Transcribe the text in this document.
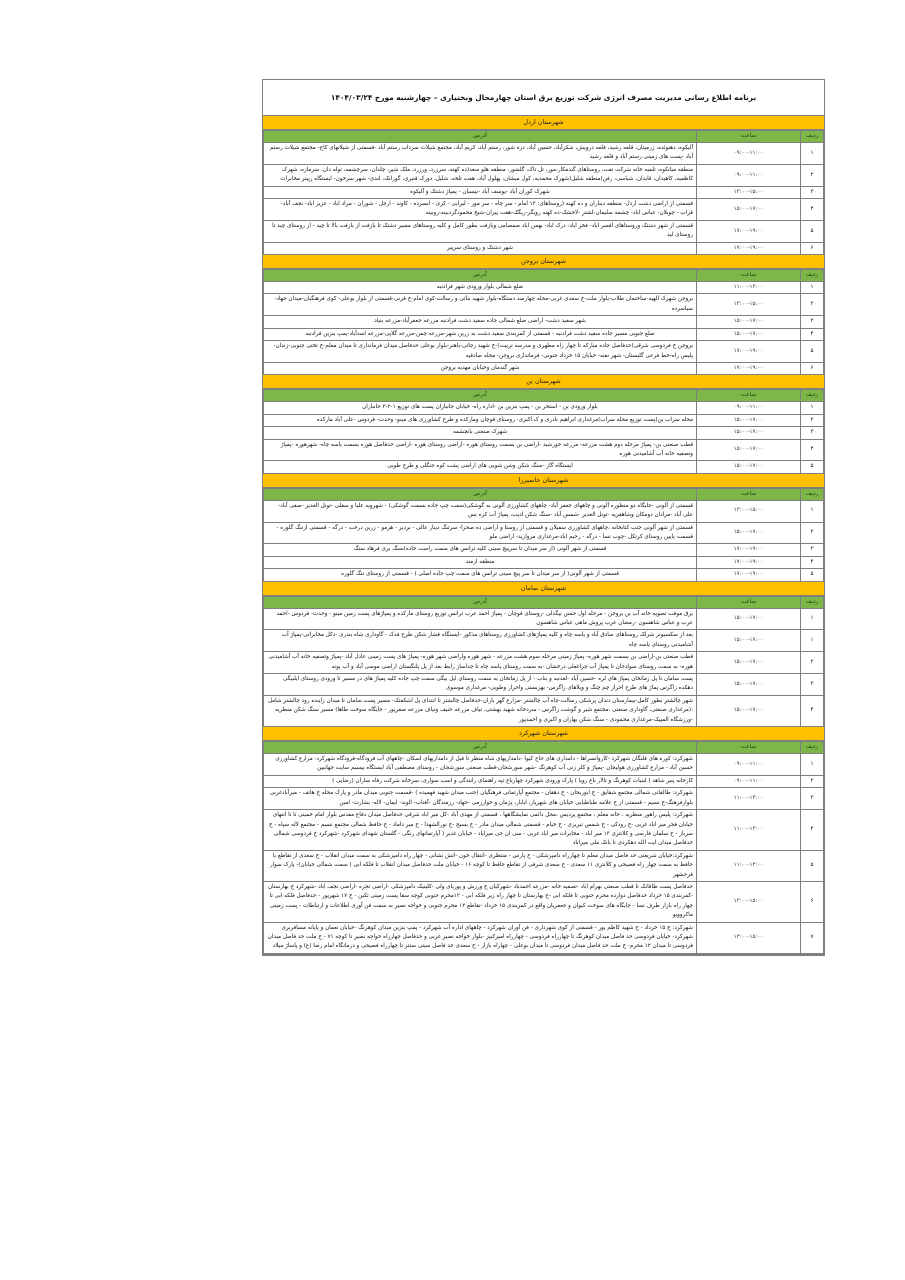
برنامه اطلاع رسانی مدیریت مصرف انرژی شرکت توزیع برق استان چهارمحال وبختیاری – چهارشنبه مورخ ۱۴۰۴/۰۳/۲۴
شهرستان اردل
ردیف	ساعت	آدرس
۱	۰۹:۰۰-۱۱:۰۰	آلیکوه، دهنوئده، زرمیتان، قلعه رشید، قلعه درویش، شکرآباد، حسین آباد، دره شور، رستم آباد، کریم آباد، مجتمع شیلات سرداب رستم آباد -قسمتی از شیلاتهای کاج- مجتمع شیلات رستم آباد -پست های زمینی رستم آباد و قلعه رشید
۲	۰۹:۰۰-۱۱:۰۰	منطقه میانکوه، تلمبه خانه شرکت نفت، روستاهای گندمکار،مور، تل تاک، گلشور، منطقه هلو سعد(ده کهنه، سرزرد، ورزرد، ملک شیر، چلدان، سرچشمه، توله دان، سرمازه، شهرک کاظمیه، کاهیدان، قایدان، شیاسی، رفن)منطقه شلیل(شهرک محمدیه، کول میشان، پهلول آباد، هفت تلخه، شلیل، دورک قنبری، گورانک، لندی- شهر سرخون- ایستگاه رپیتر مخابرات
۳	۱۳:۰۰-۱۵:۰۰	شهرک کوران آباد -یوسف آباد -نیسیان - پمپاژ دشتک و آلیکوه
۴	۱۵:۰۰-۱۷:۰۰	قسمتی از اراضی دشت اردل- منطقه دیناران و ده کهنه (روستاهای: ۱۲ امام - سر چاه - سر مور - لیرابی - کری - ابسرده - کاوند - ارجل - شوران - مراد اباد - عزیز اباد- نجف آباد- قراب - چوبلان- عباس اباد- چشمه سلیمان-لشتر -لاخشک-ده کهنه رویگر-ریگک-هفت پیران-شیخ محمودگردبینه-روبینه
۵	۱۷:۰۰-۱۹:۰۰	قسمتی از شهر دشتک وروستاهای افسر اباد- فخر اباد- درک اباد- بهمن اباد صمصامی وبازفت بطور کامل و کلیه روستاهای مسیر دشتک تا بازفت از بازفت بالا تا چید - از روستای چید تا روستای لید
۶	۱۷:۰۰-۱۹:۰۰	شهر دشتک و روستای سرپیر
شهرستان بروجن
ردیف	ساعت	آدرس
۱	۱۱:۰۰-۱۳:۰۰	ضلع شمالی بلوار ورودی شهر فرادنبه
۲	۱۳:۰۰-۱۵:۰۰	بروجن شهرک الهیه-ساختمان طلاب-بلوار ملت-خ سعدی غربی-محله چهارصد دستگاه-بلوار شهید بنائی و رسالت-کوی امام-خ قرنی-قسمتی از بلوار بوعلی- کوی فرهنگیان-میدان جهاد- سیاسرده
۳	۱۵:۰۰-۱۷:۰۰	شهر سفید دشت- اراضی ضلع شمالی جاده سفید دشت فرادنبه مزرعه جعفرآباد-مزرعه بنیاد
۴	۱۵:۰۰-۱۷:۰۰	ضلع جنوبی مسیر جاده سفید دشت فرادنبه - قسمتی از کمربندی سفید دشت به زرین شهر-مزرعه چمن-مزرعه گلاپی-مزرعه اسدآباد-پمپ بنزین فرادنبه
۵	۱۷:۰۰-۱۹:۰۰	بروجن خ فردوسی شرقی(حدفاصل جاده مبارکه تا چهار راه مطهری و مدرسه تربیت)-خ شهید رجائی-باهنر-بلوار بوعلی حدفاصل میدان فرمانداری تا میدان معلم-خ تختی جنوبی-زندان-پلیس راه-خط فرعی گلبستان- شهر نقنه- خیابان ۱۵ خرداد جنوبی- فرمانداری بروجن- محله صادقیه
۶	۱۷:۰۰-۱۹:۰۰	شهر گندمان وخیابان مهدیه بروجن
شهرستان بن
ردیف	ساعت	آدرس
۱	۰۹:۰۰-۱۱:۰۰	بلوار ورودی بن - استخر بن - پمپ بنزین بن -اداره راه- خیابان جانبازان پست های توزیع ۱-۲-۳ جانبازان
۲	۱۵:۰۰-۱۷:۰۰	محله سراب بن(پست توزیع محله سراب)مرغداری ابراهیم نادری و ک.اکبری- روستای قوچان ومارکده و طرح کشاورزی های مینو- وحدت- فردوس -علی آباد مارکده
۳	۱۵:۰۰-۱۷:۰۰	شهرک صنعتی بانچشمه
۴	۱۵:۰۰-۱۷:۰۰	قطب صنعتی بن- پمپاژ مرحله دوم هشت مزرعه- مزرعه خورشید -اراضی بن بسمت روستای هوره -اراضی روستای هوره -اراضی حدفاصل هوره بسمت یاسه چاه- شهرهوره -پمپاژ وتصفیه خانه آب آشامیدنی هوره
۵	۱۵:۰۰-۱۷:۰۰	ایستگاه گاز -سنگ شکن وشن شویی های اراضی پشت کوه جنگلی و طرح طوبی
شهرستان خانمیرزا
ردیف	ساعت	آدرس
۱	۱۳:۰۰-۱۵:۰۰	قسمتی از آلونی -جایگاه دو منظوره آلونی و چاههای جعفر آباد- چاههای کشاورزی آلونی به گوشکی(سمت چپ جاده بسمت گوشکی) - شهرویه علیا و سفلی -تونل الغدیر -صفی آباد- علی آباد -مرادان دومکان وشاهقریه -تونل الغدیر -شمس آباد -سنگ شکن ادیب، پمپاژ آب کره بس
۲	۱۵:۰۰-۱۷:۰۰	قسمتی از شهر آلونی جنب کتابخانه ،چاههای کشاورزی سفیلان و قسمتی از روستا و اراضی ده صحرا- سرتنگ دینار عالی - بردیر - هرمو - زرین درخت - درگه - قسمتی ازتنگ گلوره - قسمت پایین روستای کرتکل -چوب نسا - درگه - رحیم اباد-مرغداری مروارید- اراضی ملو
۳	۱۷:۰۰-۱۹:۰۰	قسمتی از شهر آلونی (از سر میدان تا سرپیچ سینی کلیه ترانس های سمت راست جاده)سنگ بری فرهاد سنگ
۴	۱۷:۰۰-۱۹:۰۰	منطقه ارمند
۵	۱۷:۰۰-۱۹:۰۰	قسمتی از شهر آلونی( از سر میدان تا سر پیچ سینی ترانس های سمت چپ جاده اصلی ) - قسمتی از روستای تنگ گلوره
شهرستان سامان
ردیف	ساعت	آدرس
۱	۱۵:۰۰-۱۷:۰۰	برق موقت تصویه خانه آب بن بروجن - مرحله اول حسن بیگدلی -روستای قوچان - پمپاژ احمد عرب ترانس توزیع روستای مارکده و پمپاژهای پست زمین مینو - وحدت- فردوس -احمد عرب و عباس شاهسون -رمضان عرب پروش ماهی عباس شاهسون
۱	۱۵:۰۰-۱۷:۰۰	بعد از سکسیونر شرلک روستاهای صادق آباد و یاسه چاه و کلیه پمپاژهای کشاورزی روستاهای مذکور -ایستگاه فشار شکن طرح فدک - گاوداری شاه بندری -دکل مخابراتی-پمپاژ آب آشامیدنی روستای یاسه چاه
۲	۱۵:۰۰-۱۷:۰۰	قطب صنعتی بن-اراضی بن بسمت شهر هوره- پمپاژ زمینی مرحله سوم هشت مزرعه - شهر هوره واراضی شهر هوره- پمپاژ های پست زمینی عادل آباد -پمپاژ وتصفیه خانه آب آشامیدنی هوره- به سمت روستای سوادجان تا پمپاژ آب چراغعلی درخشان -به سمت روستای یاسه چاه تا جداساز رابط بعد از پل پلنگستان اراضی موسی آباد و آب پونه
۳	۱۵:۰۰-۱۷:۰۰	پست سامان تا پل زمانخان پمپاژ های لره -حسین آباد -لغدنبه و بناب - از پل زمانخان به سمت روستای ایل بیگی سمت چپ جاده کلیه پمپاژ های در مسیر تا ورودی روستای ایلبیگی دهکده زاگرس پماژ های طرح احراز چم چنگ و ویلاهای زاگرس- بهزیستی واحرار وطوبی- مرغداری موسوی
۴	۱۵:۰۰-۱۷:۰۰	شهر چالشتر بطور کامل-بیمارستان دندان پزشکی رسالت-چاه آب چالشتر -مزارع گهر باران-حدفاصل چالشتر تا ابتدای پل اشکفتک- مسیر پست سامان تا میدان زاینده رود چالشتر شامل :(مرغداری صنعتی، گاوداری صنعتی ،مجتمع شیر و گوشت زاگرس - سردخانه شهید بهشتی، تیاف مزرعه حنیف وتیاف مزرعه صفرپور - جایگاه سوخت طاها) مسیر سنگ شکن منظریه -ورزشگاه المپیک-مرغداری محمودی - سنگ شکن بهاران و اکبری و احمدپور
شهرستان شهرکرد
ردیف	ساعت	آدرس
۱	۰۹:۰۰-۱۱:۰۰	شهرکرد: کوره های قلنگان شهرکرد -کاروانسراها - دامداری های حاج کیوا -دامداریهای شاه منظر تا قبل از دامداریهای اسکان -چاههای آب فرودگاه-فرودگاه شهرکرد- مزارع کشاورزی حسین آباد - مزارع کشاورزی هولیجان -پمپاژ و کلر زنی آب کوهرنگ -شهر سورشجان-قطب صنعتی سورشجان - روستای مصطفی آباد ایستگاه بیسیم سایت جهانبین
۲	۰۹:۰۰-۱۱:۰۰	کارخانه پنیر شاهد ( لبنیات کوهرنگ و تالار باغ رویا ) پارک ورودی شهرکرد چهارباغ تپه راهنمای رانندگی و اسب سواری، سرخانه شرکت رفاه ساران (رضایی )
۳	۱۱:۰۰-۱۳:۰۰	شهرکرد: طالقانی شمالی مجتمع شقایق - خ ابوریحان - خ دهقان - مجتمع آپارتمانی فرهنگیان (جنب میدان شهید فهمیده ) -قسمت جنوبی میدان مادر و پارک محله خ هاتف - میرآبادغربی بلوارفرهنگ-خ نسیم - قسمتی از خ علامه طباطبایی خیابان های شهریار، ابابار، پژمان و خوارزمی -جهاد- رزمندگان -آفتاب- الوند- ایمان- لاله- بشارت- امین
۴	۱۱:۰۰-۱۳:۰۰	شهرکرد: پلیس راهور منظریه ، خانه معلم ، مجتمع پردیس ،محل دائمی نمایشگاهها ، قسمتی از مهدی آباد -کل میر اباد شرقی حدفاصل میدان دفاع مقدس بلوار امام خمینی تا تا انتهای خیابان فجر میر اباد غربی -خ رودکی - خ شمس تبریزی - خ خیام - قسمتی شمالی میدان مادر - خ بسیج -خ نورالشهدا - خ میر داماد - خ حافظ شمالی مجتمع نسیم - مجتمع لاله سپاه - خ سرباز - خ سلمان فارسی و کلانتری ۱۳ میر اباد - مخابرات میر اباد غربی - سی ان جی میراباد - خیابان غدیر ( آپارتمانهای رنگی - گلستان شهدای شهرکرد -شهرکرد خ فردوسی شمالی حدفاصل میدان ایت الله دهکردی تا بانک ملی میراباد
۵	۱۱:۰۰-۱۳:۰۰	شهرکرد:خیابان شریعتی حد فاصل میدان معلم تا چهارراه دامپزشکی - خ پارس - منتظری -انتقال خون -اتش نشانی - چهار راه دامپزشکی به سمت میدان انقلاب - خ سعدی از تقاطع با حافظ به سمت چهار راه فصیحی و کلانتری ۱۱ سعدی - خ سعدی شرقی از تقاطع حافظ تا کوچه ۱۶ - خیابان ملت حدفاصل میدان انقلاب تا فلکه ابی ( سمت شمالی خیابان)- پارک سوار فرحشهر
۶	۱۳:۰۰-۱۵:۰۰	حدفاصل پست طاقانک تا قطب صنعتی بهرام اباد -تصفیه خانه -مزرعه احمدباد -شهرکیان خ ورزش و پوریای ولی -کلینیک دامپزشکی -اراضی تجره -اراضی نجف اباد -شهرکرد خ بهارستان -کمربندی ۱۵ خرداد حدفاصل دوازده محرم جنوبی تا فلکه ابی -خ بهارستان تا چهار راه زیر فلکه ابی - ۱۲محرم جنوبی کوچه سقا پست زمینی تکین - خ ۱۷ شهریور - حدفاصل فلکه ابی تا چهار راه بازار طرف نسا - جایگاه های سوخت کیوان و جعفریان واقع در کمربندی ۱۵ خرداد -تقاطع ۱۲ محرم جنوبی و خواجه نصیر به سمت فن آوری اطلاعات و ارتباطات - پست زمینی ماکروویو
۷	۱۳:۰۰-۱۵:۰۰	شهرکرد: خ ۱۵ خرداد - خ شهید کاظم پور - قسمتی از کوی شهرداری - فن آوران شهرکرد - چاههای اداره آب شهرکرد - پمپ بنزین میدان کوهرنگ -خیابان نعمان و پایانه مسافربری شهرکرد- خیابان فردوسی حد فاصل میدان کوهرنگ تا چهارراه فردوسی - چهارراه امیرکبیر -بلوار خواجه نصیر غربی و حدفاصل چهارراه خواجه نصیر تا کوچه ۷۱ - خ ملت حد فاصل میدان فردوسی تا میدان ۱۲ محرم- خ ملت حد فاصل میدان فردوسی تا میدان بوعلی - چهاراه بازار - خ سعدی حد فاصل سیتی سنتر تا چهارراه فصیحی و درمانگاه امام رضا (ع) و پاساژ میلاد
